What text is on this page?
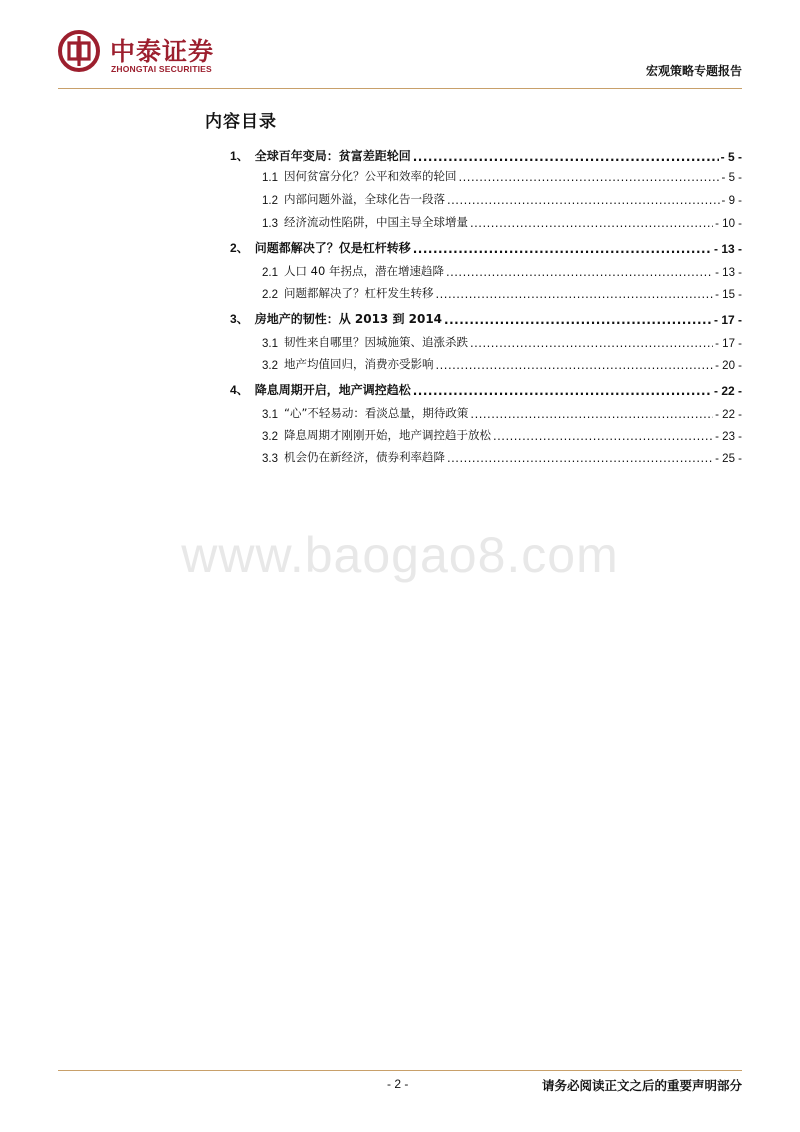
中泰证券
ZHONGTAI SECURITIES	宏观策略专题报告
内容目录
1、 全球百年变局：贫富差距轮回 .....	- 5 -
1.1 因何贫富分化？公平和效率的轮回 .....	- 5 -
1.2 内部问题外溢，全球化告一段落 .....	- 9 -
1.3 经济流动性陷阱，中国主导全球增量 .....	- 10 -
2、 问题都解决了？仅是杠杆转移 .....	- 13 -
2.1 人口 40 年拐点，潜在增速趋降 .....	- 13 -
2.2 问题都解决了？杠杆发生转移 .....	- 15 -
3、 房地产的韧性：从 2013 到 2014 .....	- 17 -
3.1 韧性来自哪里？因城施策、追涨杀跌 .....	- 17 -
3.2 地产均值回归，消费亦受影响 .....	- 20 -
4、 降息周期开启，地产调控趋松 .....	- 22 -
3.1 “心”不轻易动：看淡总量，期待政策 .....	- 22 -
3.2 降息周期才刚刚开始，地产调控趋于放松 .....	- 23 -
3.3 机会仍在新经济，债券利率趋降 .....	- 25 -
www.baogao8.com
- 2 -	请务必阅读正文之后的重要声明部分
